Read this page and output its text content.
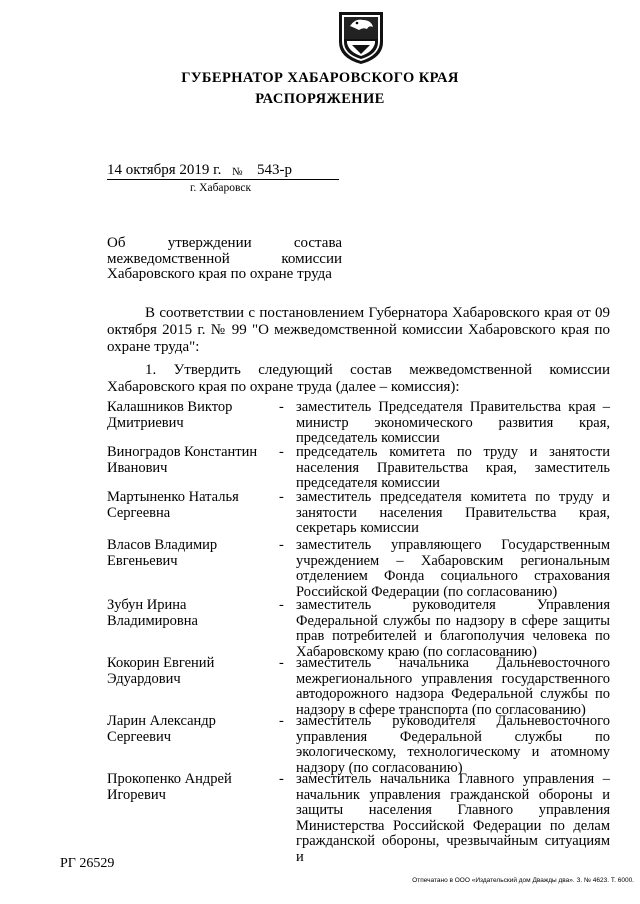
ГУБЕРНАТОР ХАБАРОВСКОГО КРАЯ
РАСПОРЯЖЕНИЕ
14 октября 2019 г. № 543-р
г. Хабаровск
Об утверждении состава межведомственной комиссии Хабаровского края по охране труда
В соответствии с постановлением Губернатора Хабаровского края от 09 октября 2015 г. № 99 "О межведомственной комиссии Хабаровского края по охране труда":
1. Утвердить следующий состав межведомственной комиссии Хабаровского края по охране труда (далее – комиссия):
Калашников Виктор Дмитриевич
- заместитель Председателя Правительства края – министр экономического развития края, председатель комиссии
Виноградов Константин Иванович
- председатель комитета по труду и занятости населения Правительства края, заместитель председателя комиссии
Мартыненко Наталья Сергеевна
- заместитель председателя комитета по труду и занятости населения Правительства края, секретарь комиссии
Власов Владимир Евгеньевич
- заместитель управляющего Государственным учреждением – Хабаровским региональным отделением Фонда социального страхования Российской Федерации (по согласованию)
Зубун Ирина Владимировна
- заместитель руководителя Управления Федеральной службы по надзору в сфере защиты прав потребителей и благополучия человека по Хабаровскому краю (по согласованию)
Кокорин Евгений Эдуардович
- заместитель начальника Дальневосточного межрегионального управления государственного автодорожного надзора Федеральной службы по надзору в сфере транспорта (по согласованию)
Ларин Александр Сергеевич
- заместитель руководителя Дальневосточного управления Федеральной службы по экологическому, технологическому и атомному надзору (по согласованию)
Прокопенко Андрей Игоревич
- заместитель начальника Главного управления – начальник управления гражданской обороны и защиты населения Главного управления Министерства Российской Федерации по делам гражданской обороны, чрезвычайным ситуациям и
РГ 26529
Отпечатано в ООО «Издательский дом Дважды два». З. № 4623. Т. 6000.
